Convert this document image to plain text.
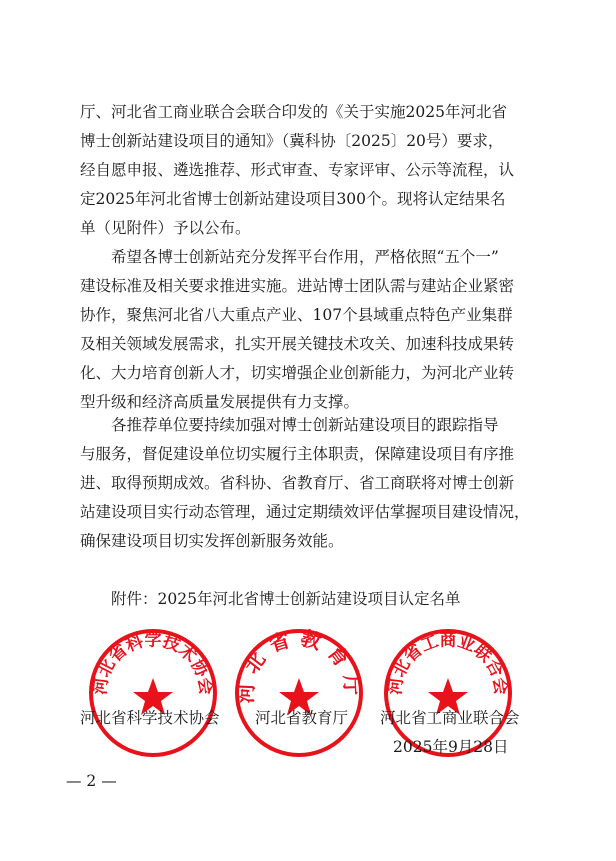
厅、河北省工商业联合会联合印发的《关于实施2025年河北省
博士创新站建设项目的通知》（冀科协〔2025〕20号）要求，
经自愿申报、遴选推荐、形式审查、专家评审、公示等流程，认
定2025年河北省博士创新站建设项目300个。现将认定结果名
单（见附件）予以公布。
希望各博士创新站充分发挥平台作用，严格依照“五个一”
建设标准及相关要求推进实施。进站博士团队需与建站企业紧密
协作，聚焦河北省八大重点产业、107个县域重点特色产业集群
及相关领域发展需求，扎实开展关键技术攻关、加速科技成果转
化、大力培育创新人才，切实增强企业创新能力，为河北产业转
型升级和经济高质量发展提供有力支撑。
各推荐单位要持续加强对博士创新站建设项目的跟踪指导
与服务，督促建设单位切实履行主体职责，保障建设项目有序推
进、取得预期成效。省科协、省教育厅、省工商联将对博士创新
站建设项目实行动态管理，通过定期绩效评估掌握项目建设情况，
确保建设项目切实发挥创新服务效能。
附件：2025年河北省博士创新站建设项目认定名单
河北省科学技术协会 河北省教育厅 河北省工商业联合会
河北省科学技术协会 河北省教育厅 河北省工商业联合会
2025年9月28日
— 2 —
